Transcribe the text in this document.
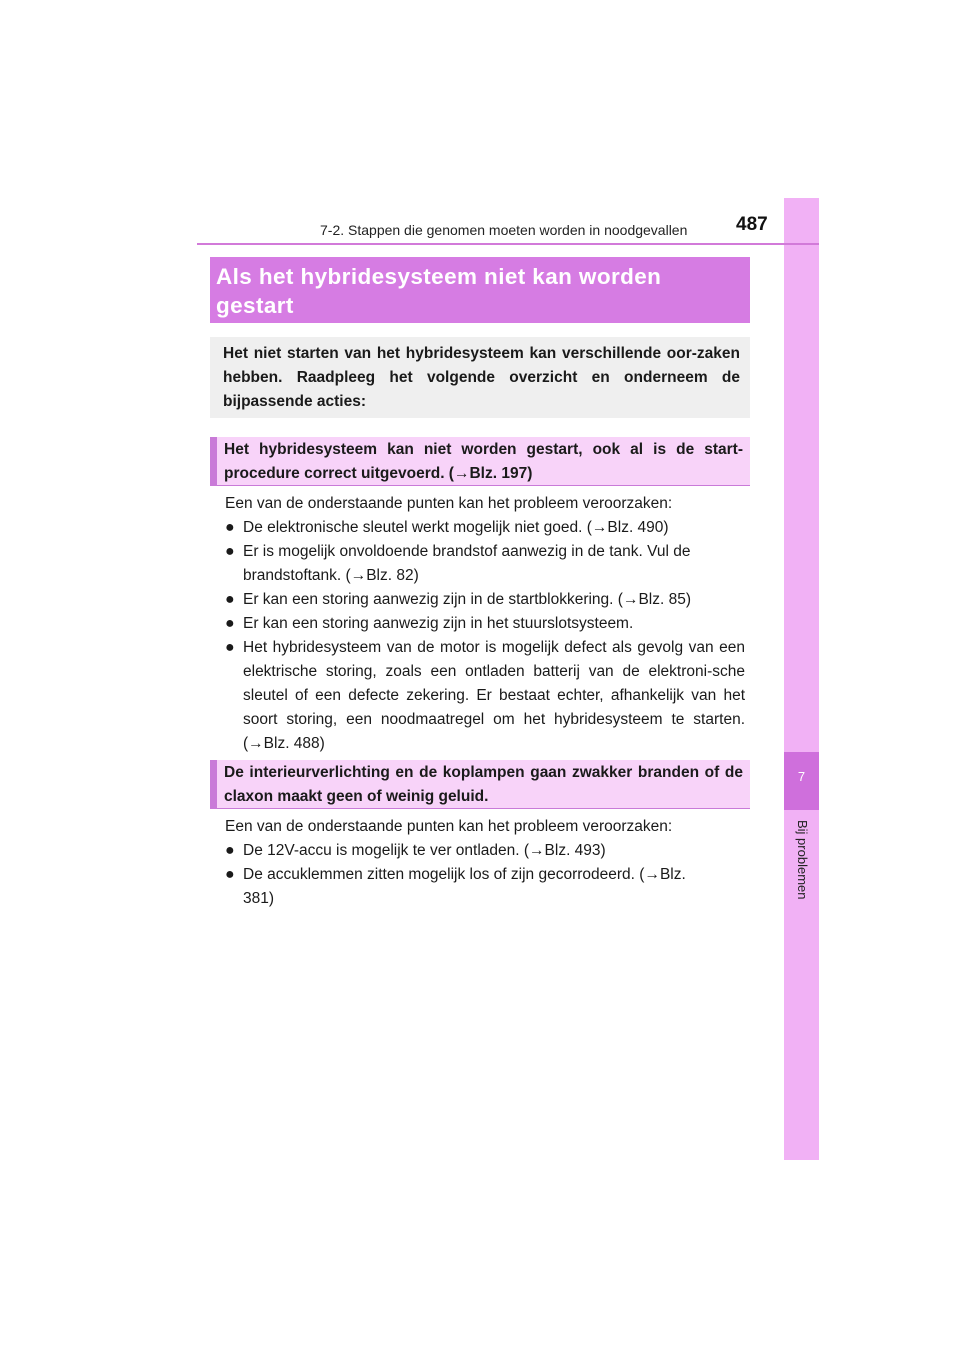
7
Bij problemen
7-2. Stappen die genomen moeten worden in noodgevallen	487
Als het hybridesysteem niet kan worden gestart
Het niet starten van het hybridesysteem kan verschillende oor-zaken hebben. Raadpleeg het volgende overzicht en onderneem de bijpassende acties:
Het hybridesysteem kan niet worden gestart, ook al is de start-procedure correct uitgevoerd. (→Blz. 197)
Een van de onderstaande punten kan het probleem veroorzaken:
● De elektronische sleutel werkt mogelijk niet goed. (→Blz. 490)
● Er is mogelijk onvoldoende brandstof aanwezig in de tank. Vul de brandstoftank. (→Blz. 82)
● Er kan een storing aanwezig zijn in de startblokkering. (→Blz. 85)
● Er kan een storing aanwezig zijn in het stuurslotsysteem.
● Het hybridesysteem van de motor is mogelijk defect als gevolg van een elektrische storing, zoals een ontladen batterij van de elektroni-sche sleutel of een defecte zekering. Er bestaat echter, afhankelijk van het soort storing, een noodmaatregel om het hybridesysteem te starten. (→Blz. 488)
De interieurverlichting en de koplampen gaan zwakker branden of de claxon maakt geen of weinig geluid.
Een van de onderstaande punten kan het probleem veroorzaken:
● De 12V-accu is mogelijk te ver ontladen. (→Blz. 493)
● De accuklemmen zitten mogelijk los of zijn gecorrodeerd. (→Blz. 381)
